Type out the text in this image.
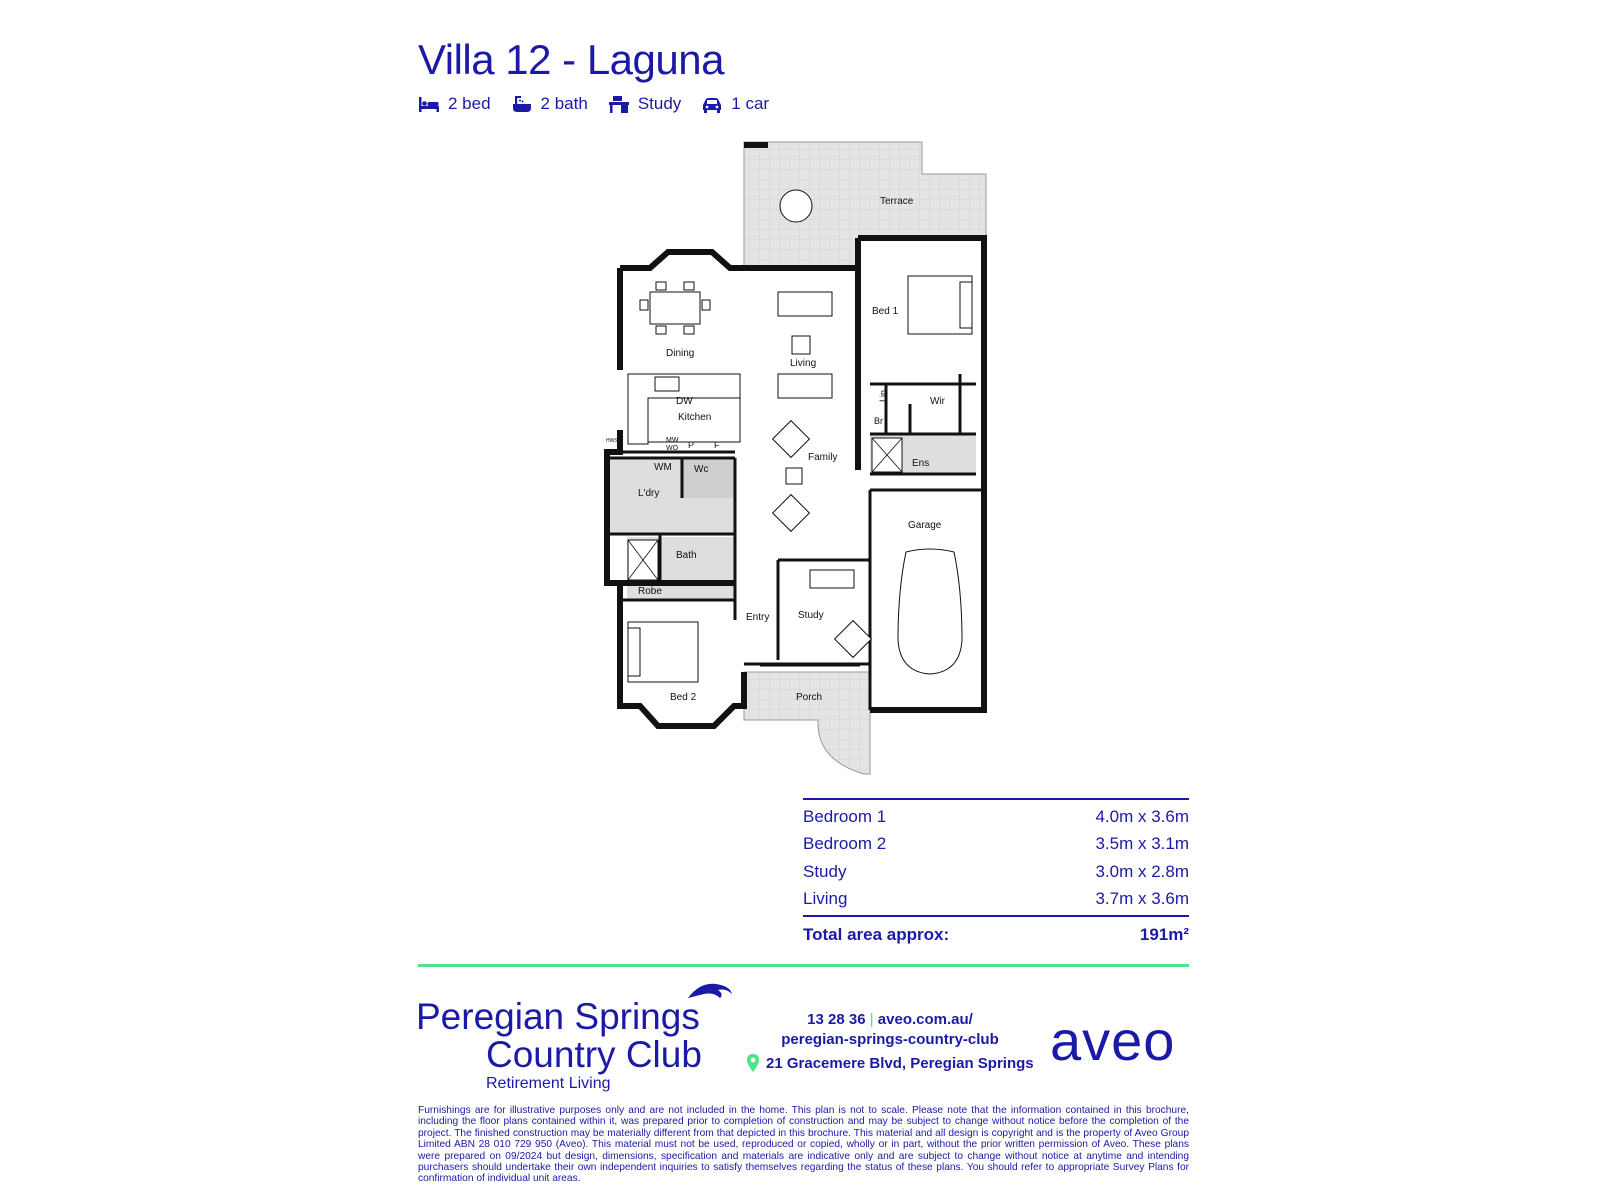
Villa 12 - Laguna
2 bed	2 bath	Study	1 car
Terrace
Bed 1
Dining
Living
DW
Kitchen
Wir
Lin
Br
MW
WO P F
HWS
Family
Ens
WM Wc
L'dry
Garage
Bath
Robe
Entry	Study
Bed 2	Porch
Bedroom 1	4.0m x 3.6m
Bedroom 2	3.5m x 3.1m
Study	3.0m x 2.8m
Living	3.7m x 3.6m
Total area approx:	191m²
Peregian Springs
Country Club
Retirement Living
13 28 36 | aveo.com.au/
peregian-springs-country-club
21 Gracemere Blvd, Peregian Springs aveo
Furnishings are for illustrative purposes only and are not included in the home. This plan is not to scale. Please note that the information contained in this brochure, including the floor plans contained within it, was prepared prior to completion of construction and may be subject to change without notice before the completion of the project. The finished construction may be materially different from that depicted in this brochure. This material and all design is copyright and is the property of Aveo Group Limited ABN 28 010 729 950 (Aveo). This material must not be used, reproduced or copied, wholly or in part, without the prior written permission of Aveo. These plans were prepared on 09/2024 but design, dimensions, specification and materials are indicative only and are subject to change without notice at anytime and intending purchasers should undertake their own independent inquiries to satisfy themselves regarding the status of these plans. You should refer to appropriate Survey Plans for confirmation of individual unit areas.
